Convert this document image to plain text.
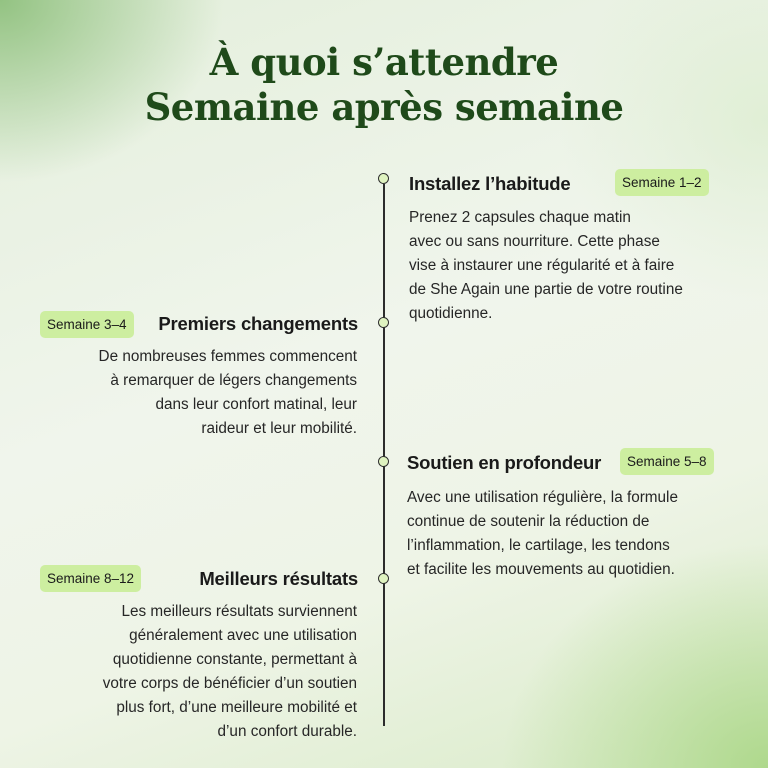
À quoi s’attendre
Semaine après semaine
Installez l’habitude	Semaine 1–2

Prenez 2 capsules chaque matin
avec ou sans nourriture. Cette phase
vise à instaurer une régularité et à faire
de She Again une partie de votre routine
quotidienne.

Semaine 3–4	Premiers changements

De nombreuses femmes commencent
à remarquer de légers changements
dans leur confort matinal, leur
raideur et leur mobilité.

Soutien en profondeur	Semaine 5–8

Avec une utilisation régulière, la formule
continue de soutenir la réduction de
l’inflammation, le cartilage, les tendons
et facilite les mouvements au quotidien.

Semaine 8–12	Meilleurs résultats

Les meilleurs résultats surviennent
généralement avec une utilisation
quotidienne constante, permettant à
votre corps de bénéficier d’un soutien
plus fort, d’une meilleure mobilité et
d’un confort durable.
